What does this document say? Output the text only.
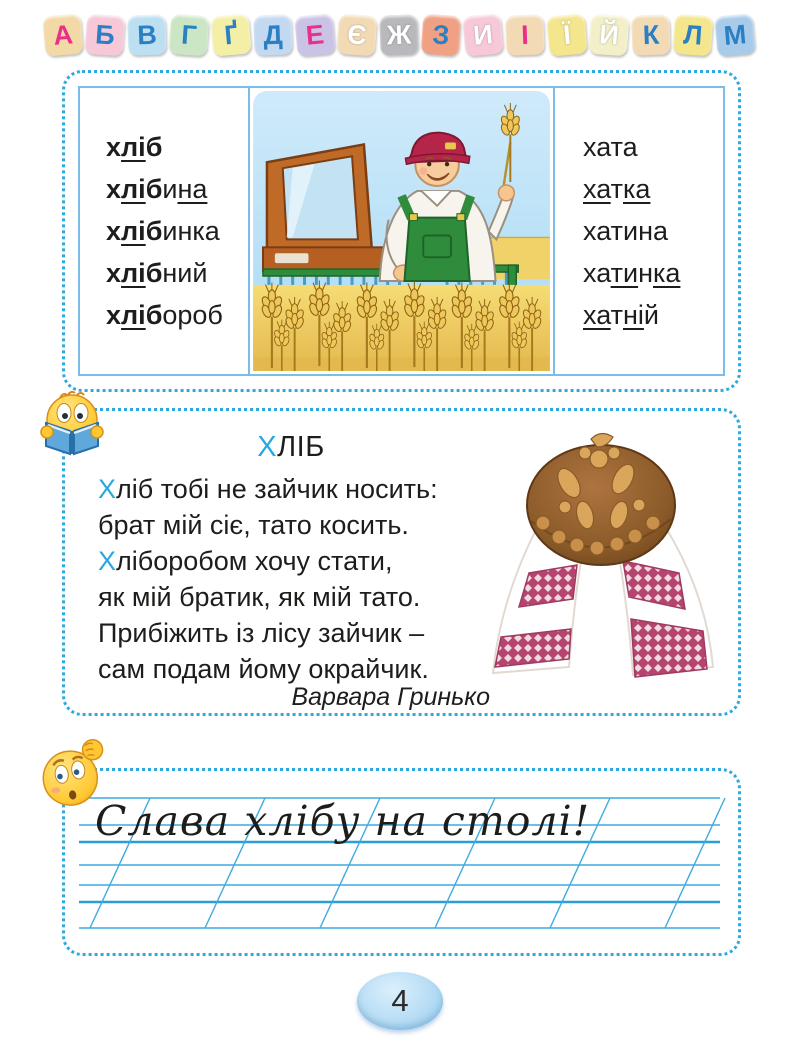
А Б В Г Ґ Д Е Є Ж З И І	Ї Й К Л М
хліб
хлібина
хлібинка
хлібний
хлібороб
хата
хатка
хатина
хатинка
хатній
ХЛІБ
Хліб тобі не зайчик носить:
брат мій сіє, тато косить.
Хліборобом хочу стати,
як мій братик, як мій тато.
Прибіжить із лісу зайчик –
сам подам йому окрайчик.
Варвара Гринько
Слава хлібу на столі!
4
